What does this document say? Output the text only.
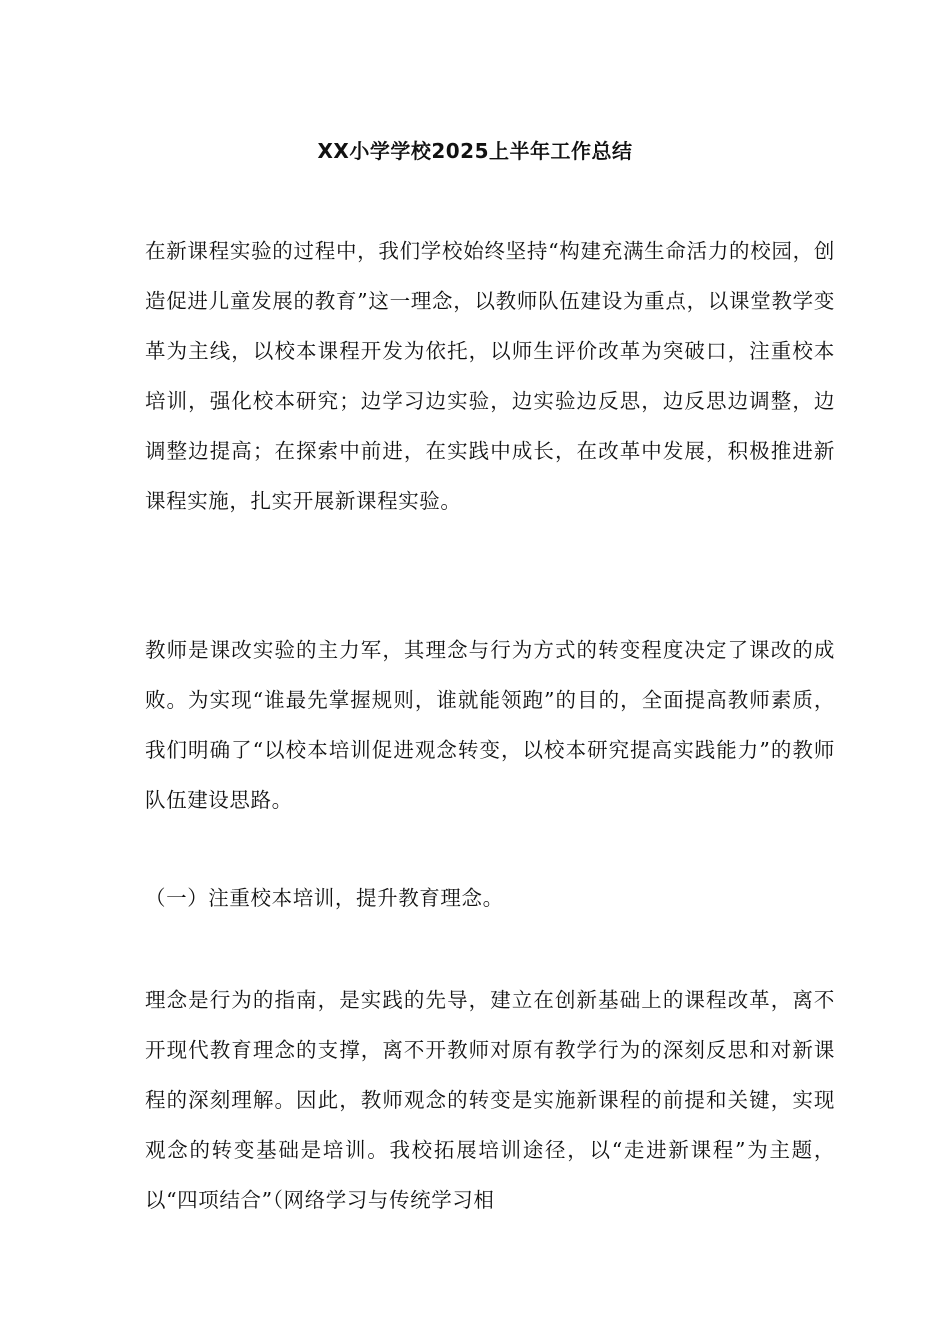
XX小学学校2025上半年工作总结
在新课程实验的过程中，我们学校始终坚持“构建充满生命活力的校园，创造促进儿童发展的教育”这一理念，以教师队伍建设为重点，以课堂教学变革为主线，以校本课程开发为依托，以师生评价改革为突破口，注重校本培训，强化校本研究；边学习边实验，边实验边反思，边反思边调整，边调整边提高；在探索中前进，在实践中成长，在改革中发展，积极推进新课程实施，扎实开展新课程实验。
教师是课改实验的主力军，其理念与行为方式的转变程度决定了课改的成败。为实现“谁最先掌握规则，谁就能领跑”的目的，全面提高教师素质，我们明确了“以校本培训促进观念转变，以校本研究提高实践能力”的教师队伍建设思路。
（一）注重校本培训，提升教育理念。
理念是行为的指南，是实践的先导，建立在创新基础上的课程改革，离不开现代教育理念的支撑，离不开教师对原有教学行为的深刻反思和对新课程的深刻理解。因此，教师观念的转变是实施新课程的前提和关键，实现观念的转变基础是培训。我校拓展培训途径，以“走进新课程”为主题，以“四项结合”（网络学习与传统学习相
